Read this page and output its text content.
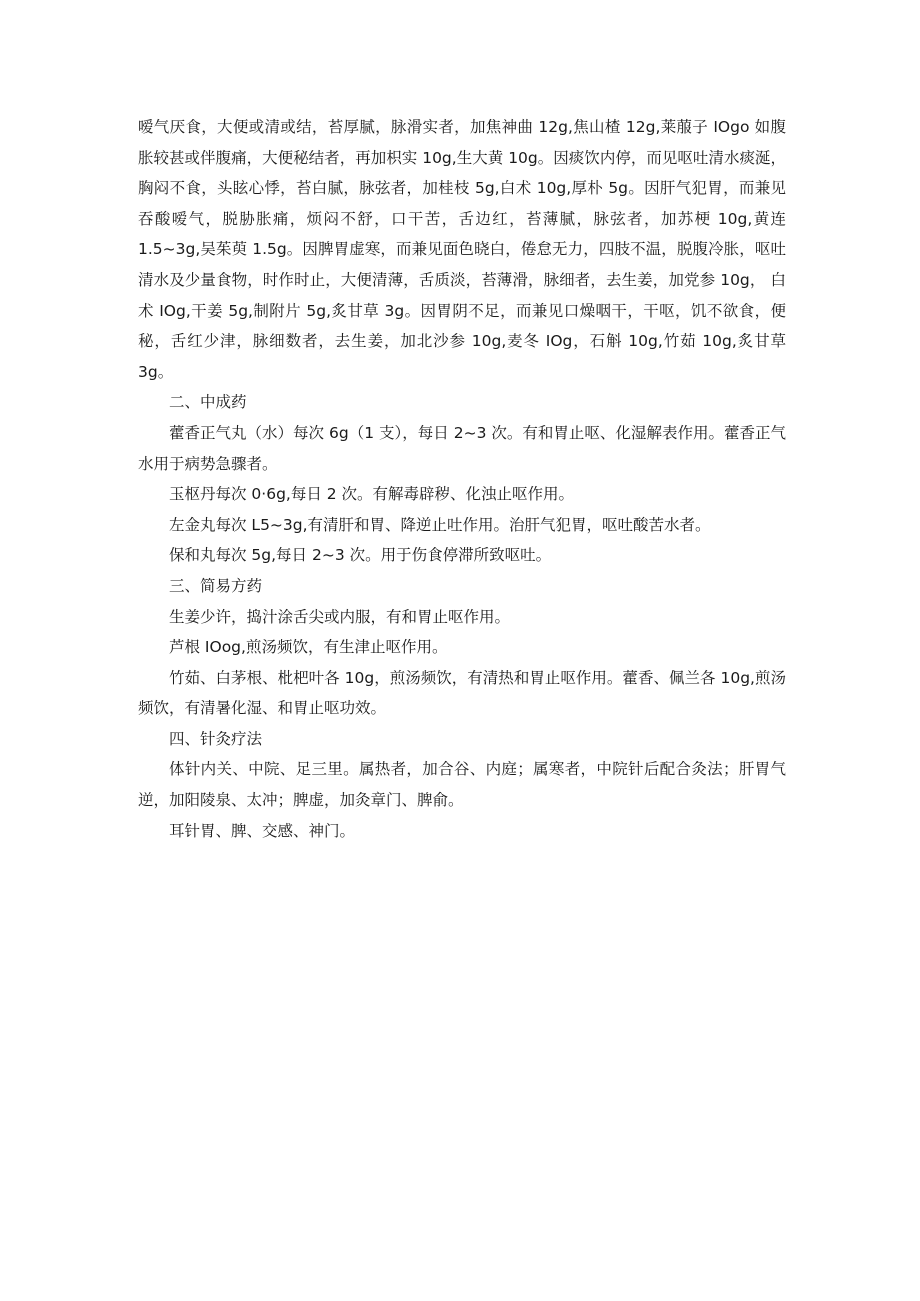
嗳气厌食，大便或清或结，苔厚腻，脉滑实者，加焦神曲 12g,焦山楂 12g,莱菔子 IOgo 如腹胀较甚或伴腹痛，大便秘结者，再加枳实 10g,生大黄 10g。因痰饮内停，而见呕吐清水痰涎，胸闷不食，头眩心悸，苔白腻，脉弦者，加桂枝 5g,白术 10g,厚朴 5g。因肝气犯胃，而兼见吞酸嗳气，脱胁胀痛，烦闷不舒，口干苦，舌边红，苔薄腻，脉弦者，加苏梗 10g,黄连 1.5~3g,吴茱萸 1.5g。因脾胃虚寒，而兼见面色晓白，倦怠无力，四肢不温，脱腹冷胀，呕吐清水及少量食物，时作时止，大便清薄，舌质淡，苔薄滑，脉细者，去生姜，加党参 10g， 白术 IOg,干姜 5g,制附片 5g,炙甘草 3g。因胃阴不足，而兼见口燥咽干，干呕，饥不欲食，便秘，舌红少津，脉细数者，去生姜，加北沙参 10g,麦冬 IOg，石斛 10g,竹茹 10g,炙甘草 3g。

二、中成药

藿香正气丸（水）每次 6g（1 支），每日 2~3 次。有和胃止呕、化湿解表作用。藿香正气水用于病势急骤者。

玉枢丹每次 0·6g,每日 2 次。有解毒辟秽、化浊止呕作用。

左金丸每次 L5~3g,有清肝和胃、降逆止吐作用。治肝气犯胃，呕吐酸苦水者。

保和丸每次 5g,每日 2~3 次。用于伤食停滞所致呕吐。

三、简易方药

生姜少许，捣汁涂舌尖或内服，有和胃止呕作用。

芦根 IOog,煎汤频饮，有生津止呕作用。

竹茹、白茅根、枇杷叶各 10g，煎汤频饮，有清热和胃止呕作用。藿香、佩兰各 10g,煎汤频饮，有清暑化湿、和胃止呕功效。

四、针灸疗法

体针内关、中院、足三里。属热者，加合谷、内庭；属寒者，中院针后配合灸法；肝胃气逆，加阳陵泉、太冲；脾虚，加灸章门、脾俞。

耳针胃、脾、交感、神门。
